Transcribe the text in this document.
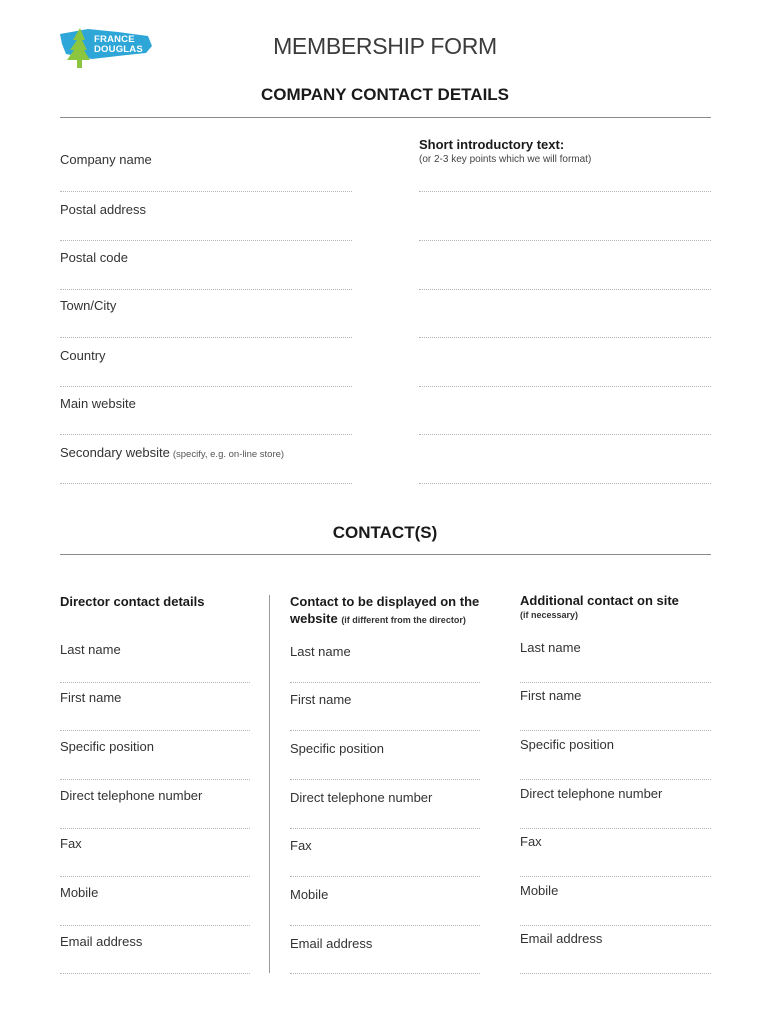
FRANCE
DOUGLAS	MEMBERSHIP FORM
COMPANY CONTACT DETAILS
Company name
Postal address
Postal code
Town/City
Country
Main website
Secondary website (specify, e.g. on-line store)
Short introductory text:
(or 2-3 key points which we will format)
CONTACT(S)
Director contact details
Last name
First name
Specific position
Direct telephone number
Fax
Mobile
Email address
Contact to be displayed on the
website (if different from the director)
Last name
First name
Specific position
Direct telephone number
Fax
Mobile
Email address
Additional contact on site
(if necessary)
Last name
First name
Specific position
Direct telephone number
Fax
Mobile
Email address
